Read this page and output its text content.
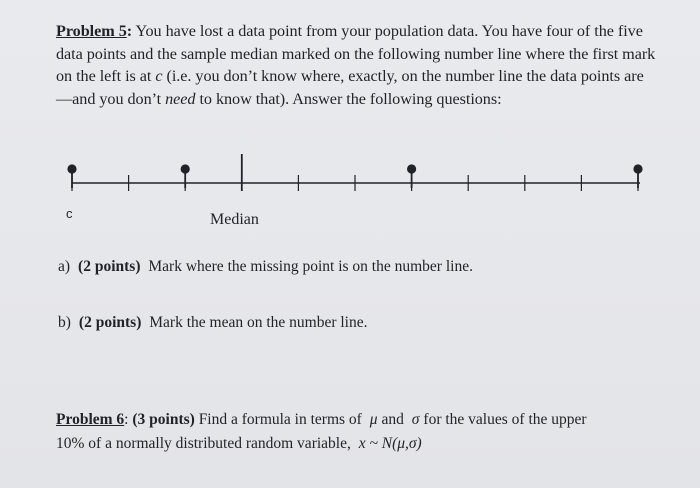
Problem 5: You have lost a data point from your population data. You have four of the five data points and the sample median marked on the following number line where the first mark on the left is at c (i.e. you don’t know where, exactly, on the number line the data points are—and you don’t need to know that). Answer the following questions:
c	Median
a) (2 points) Mark where the missing point is on the number line.
b) (2 points) Mark the mean on the number line.
Problem 6: (3 points) Find a formula in terms of μ and σ for the values of the upper
10% of a normally distributed random variable, x ~ N(μ,σ)
